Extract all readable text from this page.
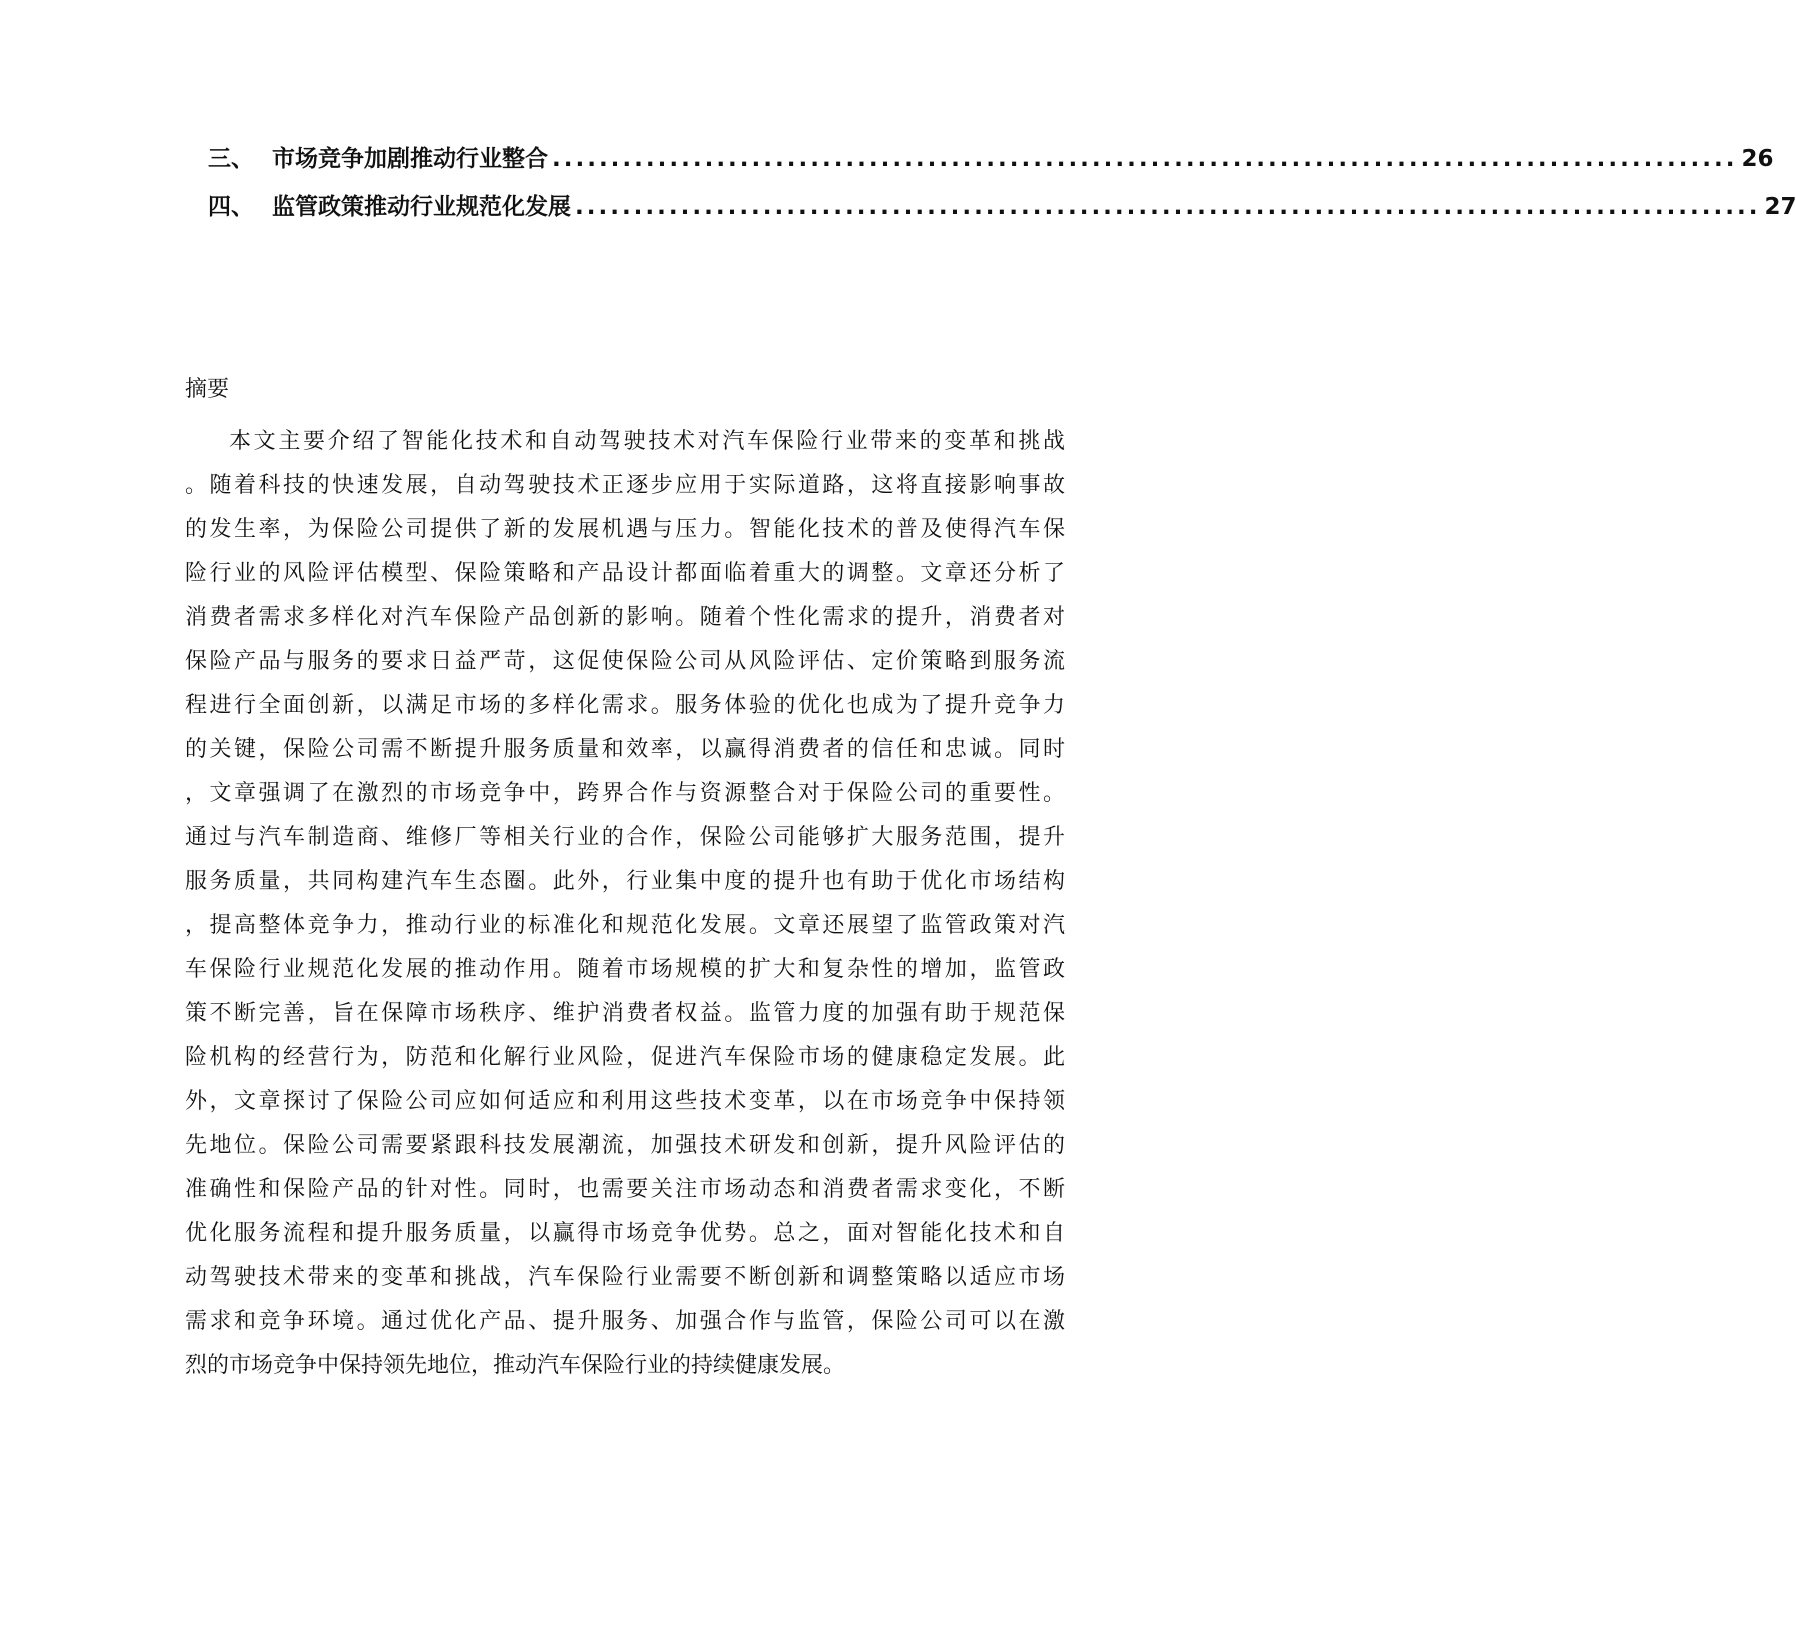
三、 市场竞争加剧推动行业整合 ..................................................................................................... 26
四、 监管政策推动行业规范化发展 ..................................................................................................... 27
摘要
本文主要介绍了智能化技术和自动驾驶技术对汽车保险行业带来的变革和挑战
。随着科技的快速发展，自动驾驶技术正逐步应用于实际道路，这将直接影响事故
的发生率，为保险公司提供了新的发展机遇与压力。智能化技术的普及使得汽车保
险行业的风险评估模型、保险策略和产品设计都面临着重大的调整。文章还分析了
消费者需求多样化对汽车保险产品创新的影响。随着个性化需求的提升，消费者对
保险产品与服务的要求日益严苛，这促使保险公司从风险评估、定价策略到服务流
程进行全面创新，以满足市场的多样化需求。服务体验的优化也成为了提升竞争力
的关键，保险公司需不断提升服务质量和效率，以赢得消费者的信任和忠诚。同时
，文章强调了在激烈的市场竞争中，跨界合作与资源整合对于保险公司的重要性。
通过与汽车制造商、维修厂等相关行业的合作，保险公司能够扩大服务范围，提升
服务质量，共同构建汽车生态圈。此外，行业集中度的提升也有助于优化市场结构
，提高整体竞争力，推动行业的标准化和规范化发展。文章还展望了监管政策对汽
车保险行业规范化发展的推动作用。随着市场规模的扩大和复杂性的增加，监管政
策不断完善，旨在保障市场秩序、维护消费者权益。监管力度的加强有助于规范保
险机构的经营行为，防范和化解行业风险，促进汽车保险市场的健康稳定发展。此
外，文章探讨了保险公司应如何适应和利用这些技术变革，以在市场竞争中保持领
先地位。保险公司需要紧跟科技发展潮流，加强技术研发和创新，提升风险评估的
准确性和保险产品的针对性。同时，也需要关注市场动态和消费者需求变化，不断
优化服务流程和提升服务质量，以赢得市场竞争优势。总之，面对智能化技术和自
动驾驶技术带来的变革和挑战，汽车保险行业需要不断创新和调整策略以适应市场
需求和竞争环境。通过优化产品、提升服务、加强合作与监管，保险公司可以在激
烈的市场竞争中保持领先地位，推动汽车保险行业的持续健康发展。
